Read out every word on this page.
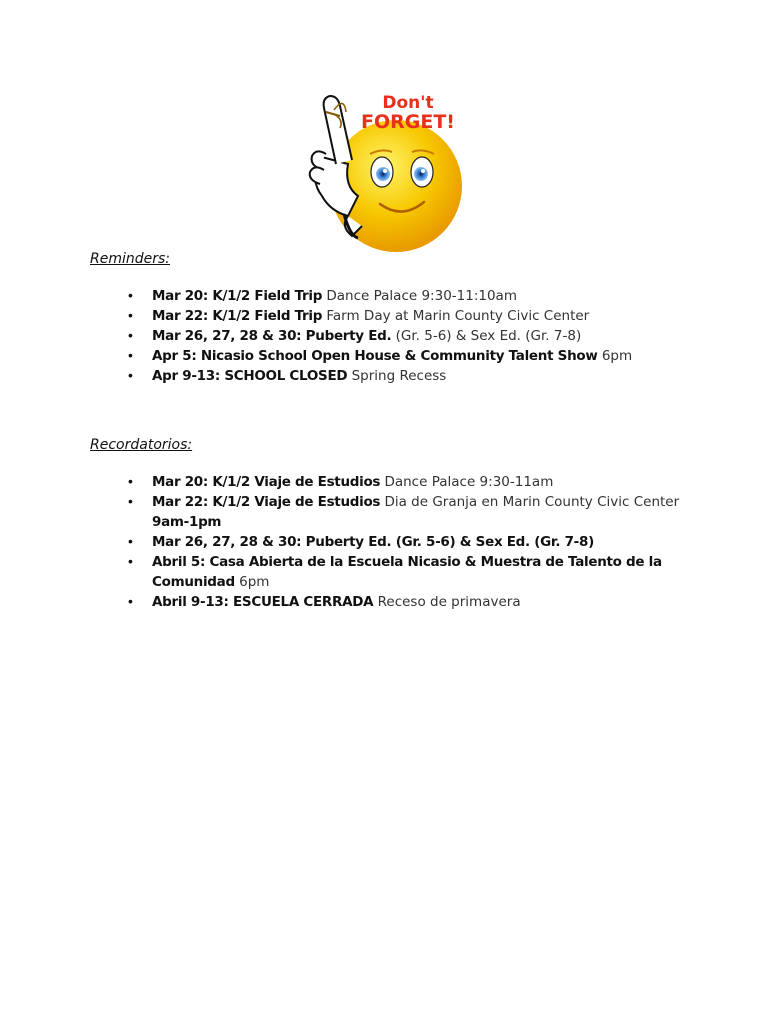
Don't
FORGET!
Reminders:
• Mar 20: K/1/2 Field Trip Dance Palace 9:30-11:10am
• Mar 22: K/1/2 Field Trip Farm Day at Marin County Civic Center
• Mar 26, 27, 28 & 30: Puberty Ed. (Gr. 5-6) & Sex Ed. (Gr. 7-8)
• Apr 5: Nicasio School Open House & Community Talent Show 6pm
• Apr 9-13: SCHOOL CLOSED Spring Recess
Recordatorios:
• Mar 20: K/1/2 Viaje de Estudios Dance Palace 9:30-11am
• Mar 22: K/1/2 Viaje de Estudios Dia de Granja en Marin County Civic Center
9am-1pm
• Mar 26, 27, 28 & 30: Puberty Ed. (Gr. 5-6) & Sex Ed. (Gr. 7-8)
• Abril 5: Casa Abierta de la Escuela Nicasio & Muestra de Talento de la Comunidad 6pm
• Abril 9-13: ESCUELA CERRADA Receso de primavera
